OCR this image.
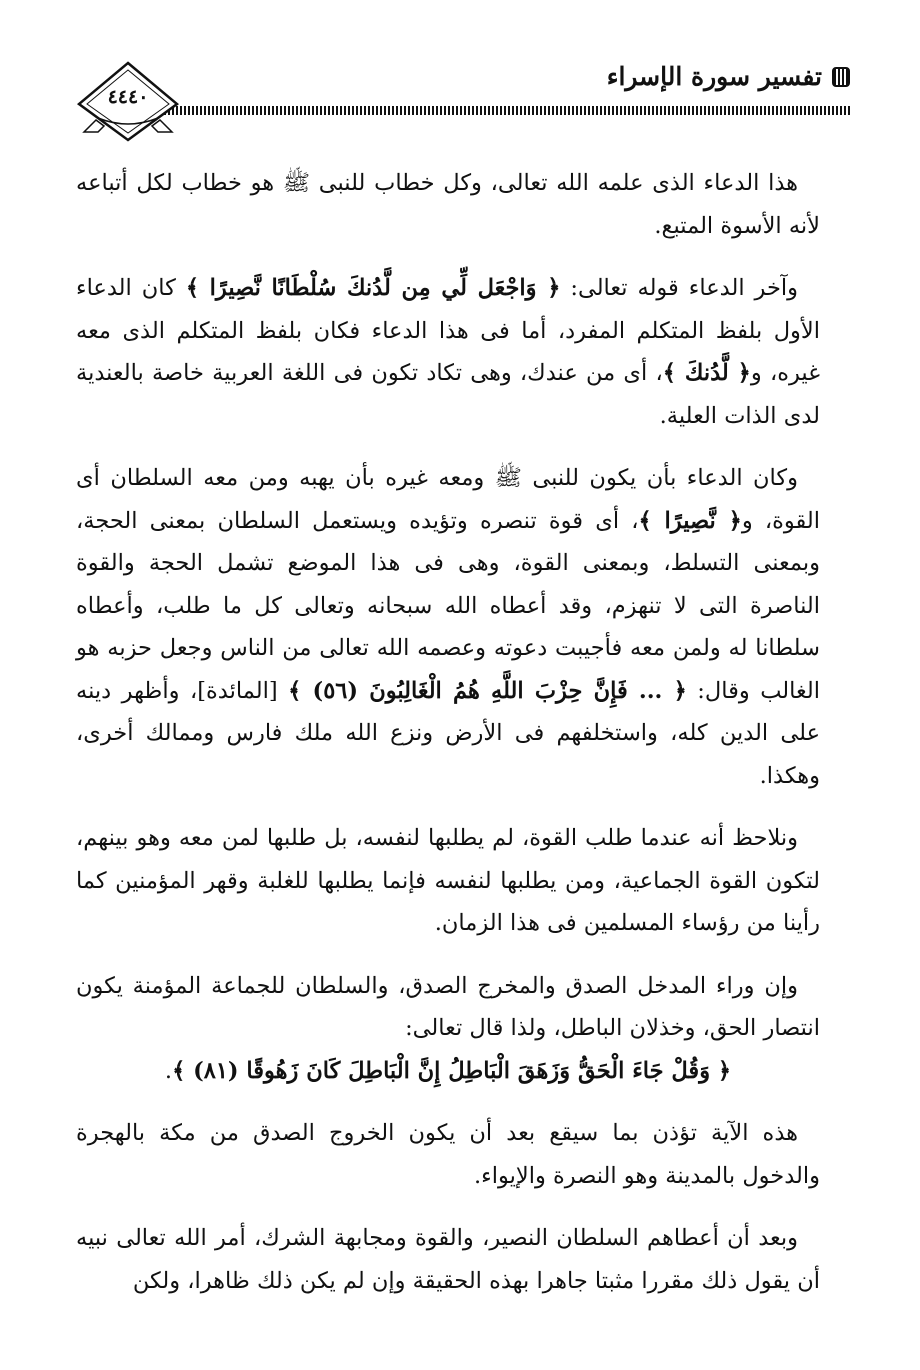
تفسير سورة الإسراء
٤٤٤٠

هذا الدعاء الذى علمه الله تعالى، وكل خطاب للنبى ﷺ هو خطاب لكل أتباعه لأنه الأسوة المتبع.

وآخر الدعاء قوله تعالى: ﴿ وَاجْعَل لِّي مِن لَّدُنكَ سُلْطَانًا نَّصِيرًا ﴾ كان الدعاء الأول بلفظ المتكلم المفرد، أما فى هذا الدعاء فكان بلفظ المتكلم الذى معه غيره، و﴿ لَّدُنكَ ﴾، أى من عندك، وهى تكاد تكون فى اللغة العربية خاصة بالعندية لدى الذات العلية.

وكان الدعاء بأن يكون للنبى ﷺ ومعه غيره بأن يهبه ومن معه السلطان أى القوة، و﴿ نَّصِيرًا ﴾، أى قوة تنصره وتؤيده ويستعمل السلطان بمعنى الحجة، وبمعنى التسلط، وبمعنى القوة، وهى فى هذا الموضع تشمل الحجة والقوة الناصرة التى لا تنهزم، وقد أعطاه الله سبحانه وتعالى كل ما طلب، وأعطاه سلطانا له ولمن معه فأجيبت دعوته وعصمه الله تعالى من الناس وجعل حزبه هو الغالب وقال: ﴿ ... فَإِنَّ حِزْبَ اللَّهِ هُمُ الْغَالِبُونَ (٥٦) ﴾ [المائدة]، وأظهر دينه على الدين كله، واستخلفهم فى الأرض ونزع الله ملك فارس وممالك أخرى، وهكذا.

ونلاحظ أنه عندما طلب القوة، لم يطلبها لنفسه، بل طلبها لمن معه وهو بينهم، لتكون القوة الجماعية، ومن يطلبها لنفسه فإنما يطلبها للغلبة وقهر المؤمنين كما رأينا من رؤساء المسلمين فى هذا الزمان.

وإن وراء المدخل الصدق والمخرج الصدق، والسلطان للجماعة المؤمنة يكون انتصار الحق، وخذلان الباطل، ولذا قال تعالى:

﴿ وَقُلْ جَاءَ الْحَقُّ وَزَهَقَ الْبَاطِلُ إِنَّ الْبَاطِلَ كَانَ زَهُوقًا (٨١) ﴾.

هذه الآية تؤذن بما سيقع بعد أن يكون الخروج الصدق من مكة بالهجرة والدخول بالمدينة وهو النصرة والإيواء.

وبعد أن أعطاهم السلطان النصير، والقوة ومجابهة الشرك، أمر الله تعالى نبيه أن يقول ذلك مقررا مثبتا جاهرا بهذه الحقيقة وإن لم يكن ذلك ظاهرا، ولكن
